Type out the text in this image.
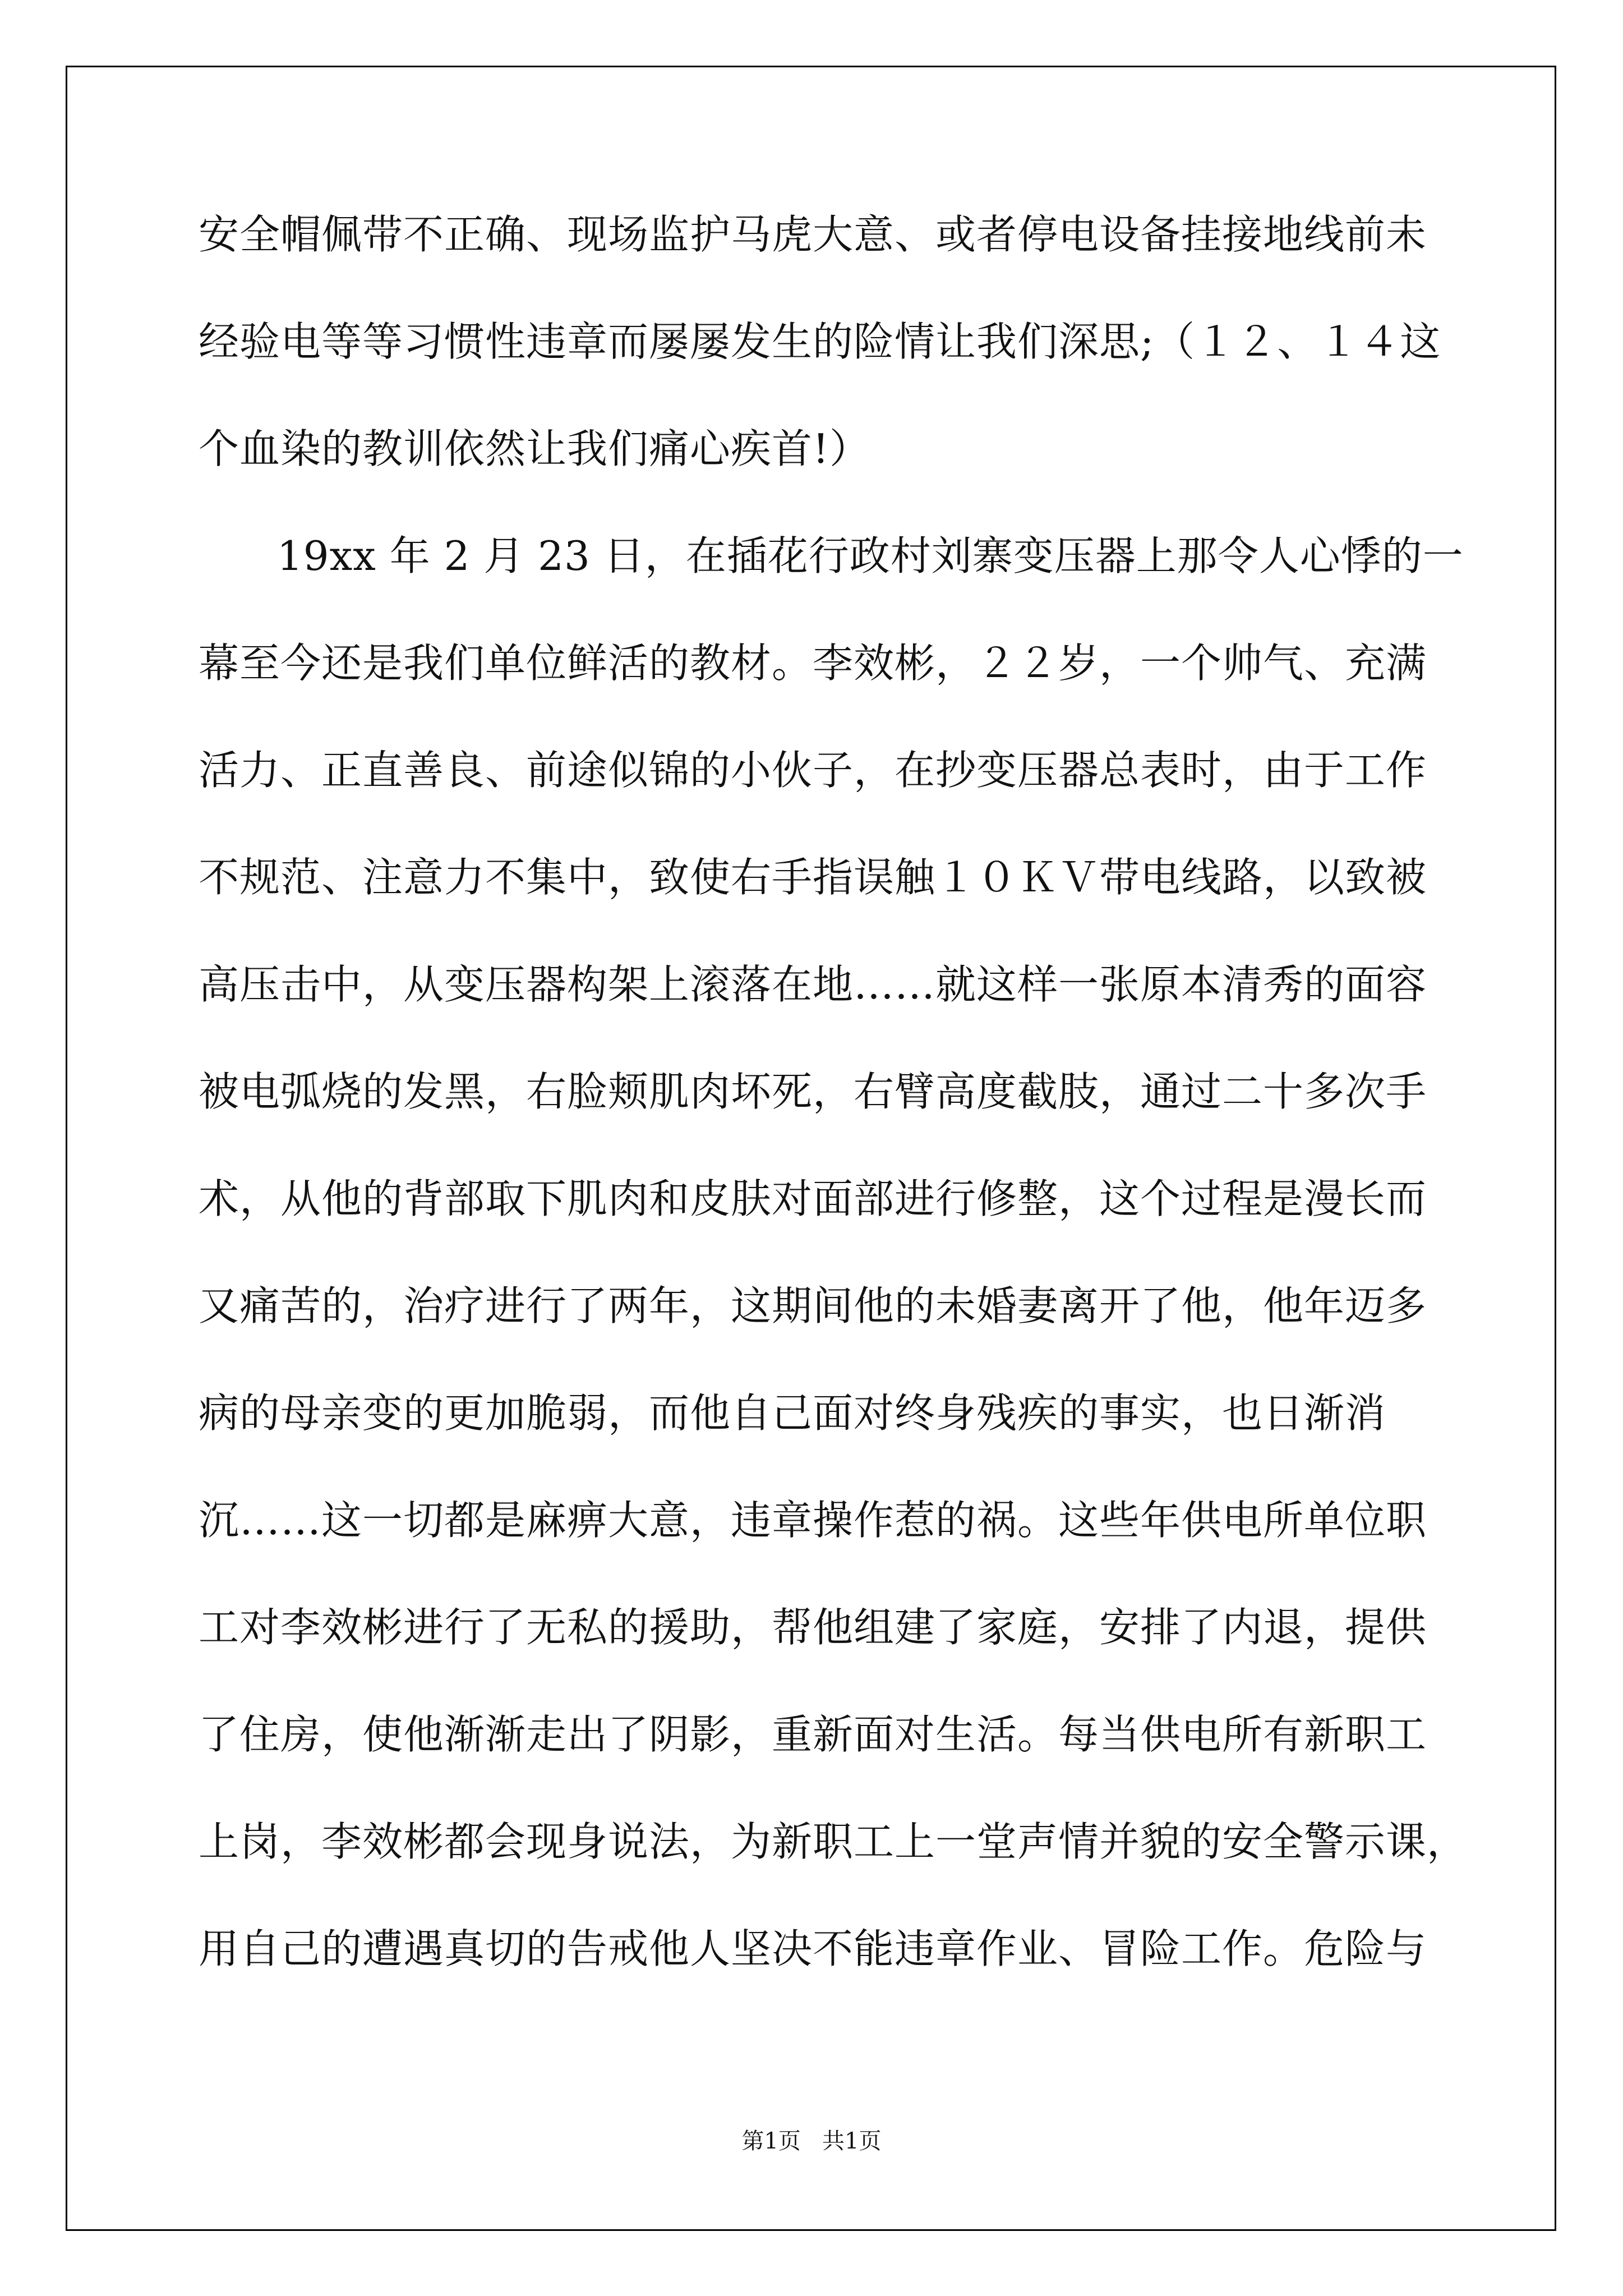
安全帽佩带不正确、现场监护马虎大意、或者停电设备挂接地线前未
经验电等等习惯性违章而屡屡发生的险情让我们深思;（１２、１４这
个血染的教训依然让我们痛心疾首!）
19xx 年 2 月 23 日，在插花行政村刘寨变压器上那令人心悸的一
幕至今还是我们单位鲜活的教材。李效彬，２２岁，一个帅气、充满
活力、正直善良、前途似锦的小伙子，在抄变压器总表时，由于工作
不规范、注意力不集中，致使右手指误触１０ＫＶ带电线路，以致被
高压击中，从变压器构架上滚落在地……就这样一张原本清秀的面容
被电弧烧的发黑，右脸颊肌肉坏死，右臂高度截肢，通过二十多次手
术，从他的背部取下肌肉和皮肤对面部进行修整，这个过程是漫长而
又痛苦的，治疗进行了两年，这期间他的未婚妻离开了他，他年迈多
病的母亲变的更加脆弱，而他自己面对终身残疾的事实，也日渐消
沉……这一切都是麻痹大意，违章操作惹的祸。这些年供电所单位职
工对李效彬进行了无私的援助，帮他组建了家庭，安排了内退，提供
了住房，使他渐渐走出了阴影，重新面对生活。每当供电所有新职工
上岗，李效彬都会现身说法，为新职工上一堂声情并貌的安全警示课，
用自己的遭遇真切的告戒他人坚决不能违章作业、冒险工作。危险与
第1页   共1页
